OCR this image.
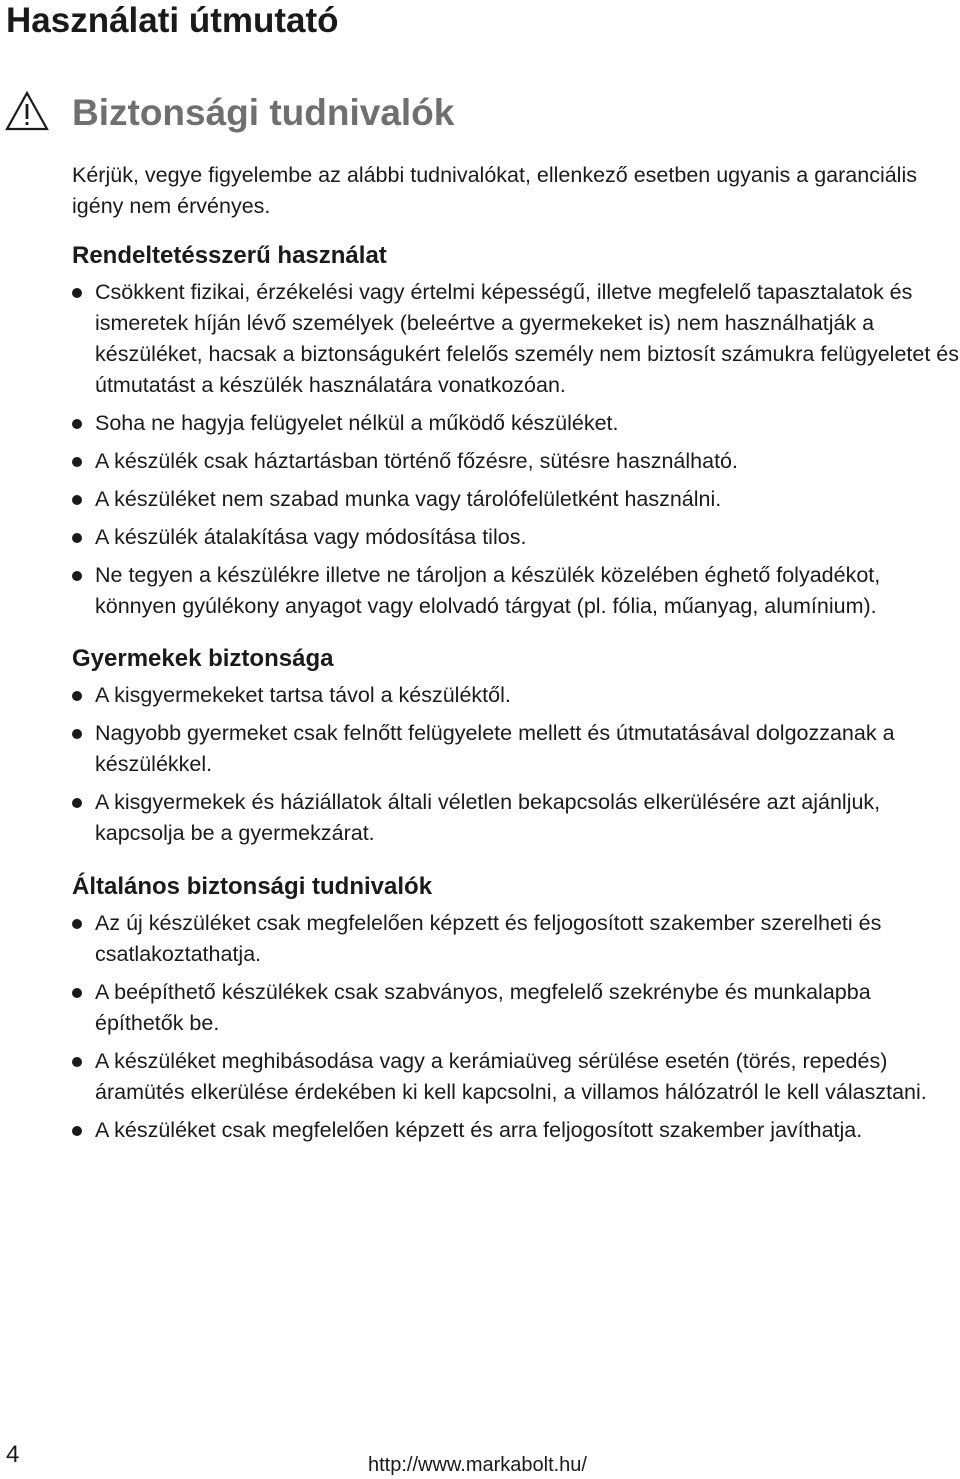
Használati útmutató
Biztonsági tudnivalók

Kérjük, vegye figyelembe az alábbi tudnivalókat, ellenkező esetben ugyanis a garanciális igény nem érvényes.

Rendeltetésszerű használat
Csökkent fizikai, érzékelési vagy értelmi képességű, illetve megfelelő tapasztalatok és ismeretek híján lévő személyek (beleértve a gyermekeket is) nem használhatják a készüléket, hacsak a biztonságukért felelős személy nem biztosít számukra felügyeletet és útmutatást a készülék használatára vonatkozóan.
Soha ne hagyja felügyelet nélkül a működő készüléket.
A készülék csak háztartásban történő főzésre, sütésre használható.
A készüléket nem szabad munka vagy tárolófelületként használni.
A készülék átalakítása vagy módosítása tilos.
Ne tegyen a készülékre illetve ne tároljon a készülék közelében éghető folyadékot, könnyen gyúlékony anyagot vagy elolvadó tárgyat (pl. fólia, műanyag, alumínium).
Gyermekek biztonsága
A kisgyermekeket tartsa távol a készüléktől.
Nagyobb gyermeket csak felnőtt felügyelete mellett és útmutatásával dolgozzanak a készülékkel.
A kisgyermekek és háziállatok általi véletlen bekapcsolás elkerülésére azt ajánljuk, kapcsolja be a gyermekzárat.
Általános biztonsági tudnivalók
Az új készüléket csak megfelelően képzett és feljogosított szakember szerelheti és csatlakoztathatja.
A beépíthető készülékek csak szabványos, megfelelő szekrénybe és munkalapba építhetők be.
A készüléket meghibásodása vagy a kerámiaüveg sérülése esetén (törés, repedés) áramütés elkerülése érdekében ki kell kapcsolni, a villamos hálózatról le kell választani.
A készüléket csak megfelelően képzett és arra feljogosított szakember javíthatja.
4	http://www.markabolt.hu/
